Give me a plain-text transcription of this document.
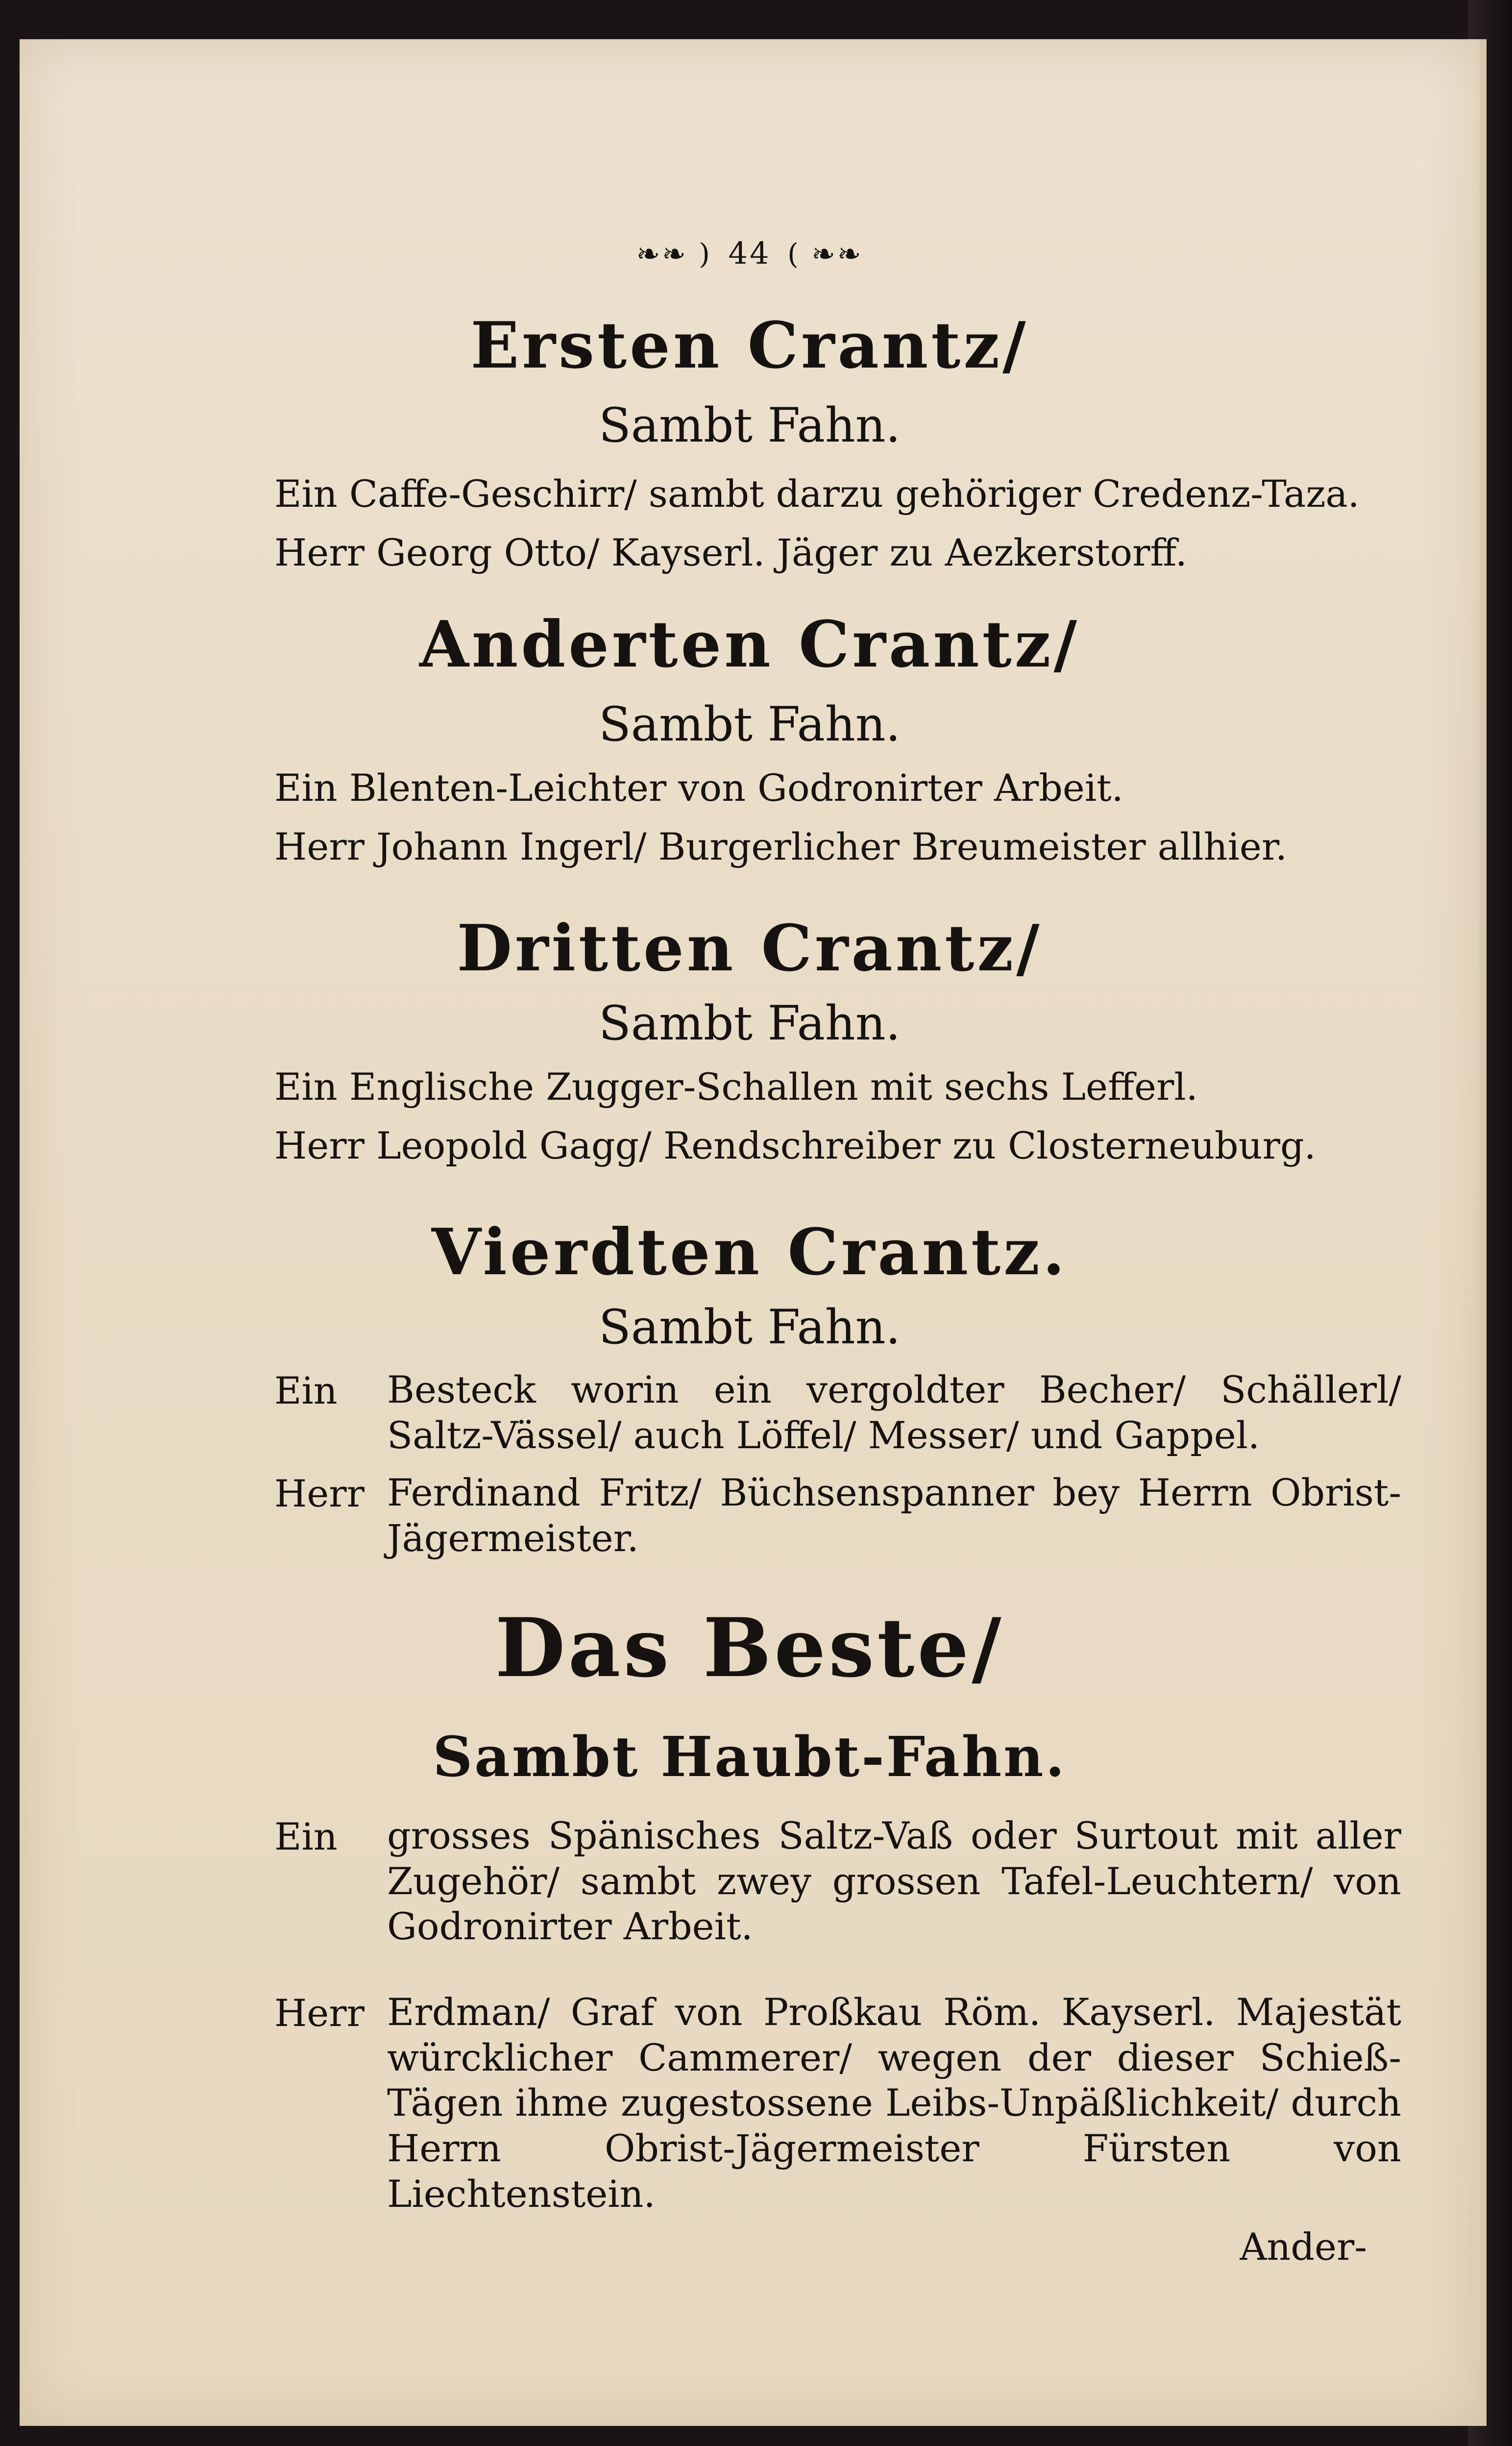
❧❧ ) 44 ( ❧❧
Ersten Crantz/
Sambt Fahn.
Ein Caffe-Geschirr/ sambt darzu gehöriger Credenz-Taza.
Herr Georg Otto/ Kayserl. Jäger zu Aezkerstorff.
Anderten Crantz/
Sambt Fahn.
Ein Blenten-Leichter von Godronirter Arbeit.
Herr Johann Ingerl/ Burgerlicher Breumeister allhier.
Dritten Crantz/
Sambt Fahn.
Ein Englische Zugger-Schallen mit sechs Lefferl.
Herr Leopold Gagg/ Rendschreiber zu Closterneuburg.
Vierdten Crantz.
Sambt Fahn.
Ein Besteck worin ein vergoldter Becher/ Schällerl/ Saltz-Vässel/ auch Löffel/ Messer/ und Gappel.
Herr Ferdinand Fritz/ Büchsenspanner bey Herrn Obrist-Jägermeister.
Das Beste/
Sambt Haubt-Fahn.
Ein grosses Spänisches Saltz-Vaß oder Surtout mit aller Zugehör/ sambt zwey grossen Tafel-Leuchtern/ von Godronirter Arbeit.
Herr Erdman/ Graf von Proßkau Röm. Kayserl. Majestät würcklicher Cammerer/ wegen der dieser Schieß-Tägen ihme zugestossene Leibs-Unpäßlichkeit/ durch Herrn Obrist-Jägermeister Fürsten von Liechtenstein.
Ander-
